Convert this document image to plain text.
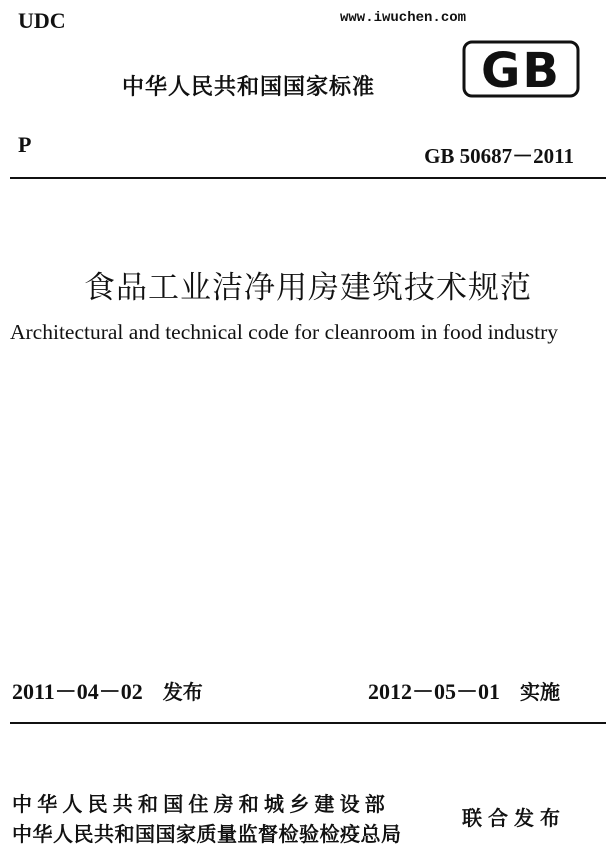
UDC	www.iwuchen.com
中华人民共和国国家标准 GB
P	GB 50687－2011
食品工业洁净用房建筑技术规范
Architectural and technical code for cleanroom in food industry
2011－04－02 发布	2012－05－01 实施
中华人民共和国住房和城乡建设部
中华人民共和国国家质量监督检验检疫总局
联合发布
